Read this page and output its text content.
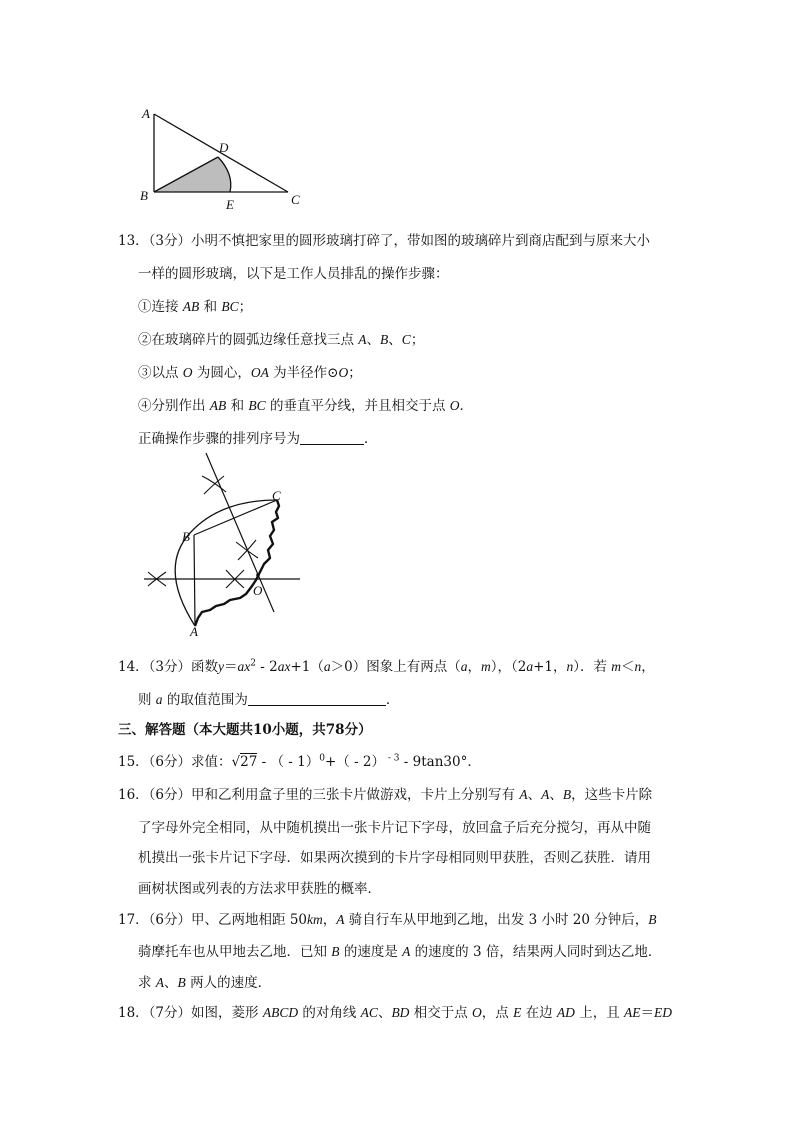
A
B	C
D
E
13．（3分）小明不慎把家里的圆形玻璃打碎了，带如图的玻璃碎片到商店配到与原来大小
一样的圆形玻璃，以下是工作人员排乱的操作步骤：
①连接 AB 和 BC；
②在玻璃碎片的圆弧边缘任意找三点 A、B、C；
③以点 O 为圆心，OA 为半径作⊙O；
④分别作出 AB 和 BC 的垂直平分线，并且相交于点 O．
正确操作步骤的排列序号为	．
B
C
A
O
14．（3分）函数$y=ax^2 - 2ax+1(a>0)$图象上有两点（a，m），（2a+1，n）．若 m＜n，
则 a 的取值范围为	．
三、解答题（本大题共10小题，共78分）
15．（6分）求值：√27 - （ - 1）$^0$+（ - 2） $^{- 3}$ - 9tan30°．
16．（6分）甲和乙利用盒子里的三张卡片做游戏，卡片上分别写有 A、A、B，这些卡片除
了字母外完全相同，从中随机摸出一张卡片记下字母，放回盒子后充分搅匀，再从中随
机摸出一张卡片记下字母．如果两次摸到的卡片字母相同则甲获胜，否则乙获胜．请用
画树状图或列表的方法求甲获胜的概率．
17．（6分）甲、乙两地相距 50km，A 骑自行车从甲地到乙地，出发 3 小时 20 分钟后，B
骑摩托车也从甲地去乙地．已知 B 的速度是 A 的速度的 3 倍，结果两人同时到达乙地．
求 A、B 两人的速度．
18．（7分）如图，菱形 ABCD 的对角线 AC、BD 相交于点 O，点 E 在边 AD 上，且 AE＝ED
